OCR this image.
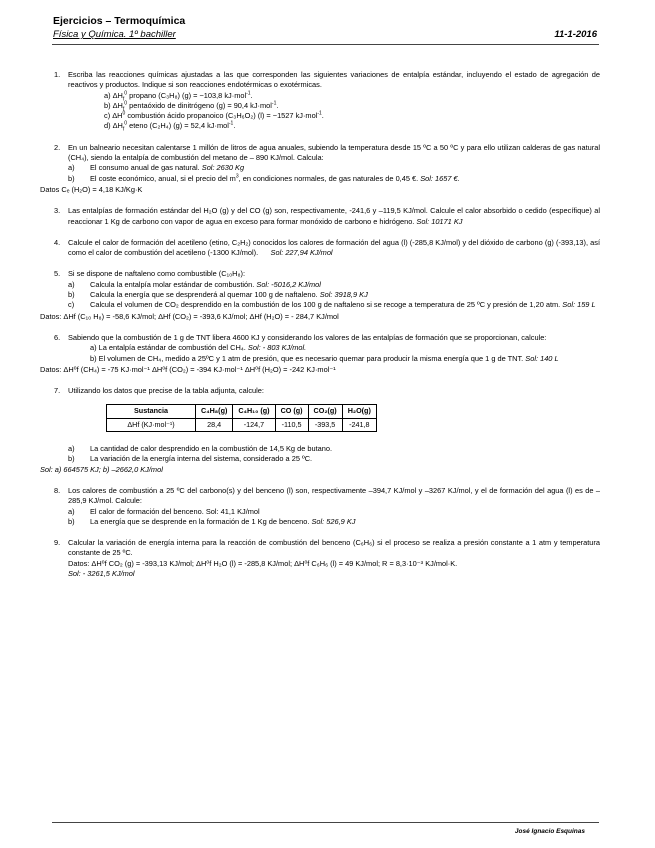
Ejercicios – Termoquímica
Física y Química. 1º bachiller	11-1-2016
1.	Escriba las reacciones químicas ajustadas a las que corresponden las siguientes variaciones de entalpía estándar, incluyendo el estado de agregación de reactivos y productos. Indique si son reacciones endotérmicas o exotérmicas.
a) $\Delta H_f^0$ propano (C₃H₈) (g) = −103,8 kJ·mol$^{-1}$.
b) $\Delta H_f^0$ pentaóxido de dinitrógeno (g) = 90,4 kJ·mol$^{-1}$.
c) $\Delta H^0$ combustión ácido propanoico (C₃H₆O₂) (l) = −1527 kJ·mol$^{-1}$.
d) $\Delta H_f^0$ eteno (C₂H₄) (g) = 52,4 kJ·mol$^{-1}$.
2.	En un balneario necesitan calentarse 1 millón de litros de agua anuales, subiendo la temperatura desde 15 ºC a 50 ºC y para ello utilizan calderas de gas natural (CH₄), siendo la entalpía de combustión del metano de – 890 KJ/mol. Calcula:
a)	El consumo anual de gas natural. Sol: 2630 Kg
b)	El coste económico, anual, si el precio del $m^3$, en condiciones normales, de gas naturales de 0,45 €. Sol: 1657 €.
Datos Cₑ (H₂O) = 4,18 KJ/Kg·K
3.	Las entalpías de formación estándar del H₂O (g) y del CO (g) son, respectivamente, -241,6 y –119,5 KJ/mol. Calcule el calor absorbido o cedido (específique) al reaccionar 1 Kg de carbono con vapor de agua en exceso para formar monóxido de carbono e hidrógeno. Sol: 10171 KJ
4.	Calcule el calor de formación del acetileno (etino, C₂H₂) conocidos los calores de formación del agua (l) (-285,8 KJ/mol) y del dióxido de carbono (g) (-393,13), así como el calor de combustión del acetileno (-1300 KJ/mol). Sol: 227,94 KJ/mol
5.	Si se dispone de naftaleno como combustible (C₁₀H₈):
a)	Calcula la entalpía molar estándar de combustión. Sol: -5016,2 KJ/mol
b)	Calcula la energía que se desprenderá al quemar 100 g de naftaleno. Sol: 3918,9 KJ
c)	Calcula el volumen de CO₂ desprendido en la combustión de los 100 g de naftaleno si se recoge a temperatura de 25 ºC y presión de 1,20 atm. Sol: 159 L
Datos: ΔHf (C₁₀ H₈) = -58,6 KJ/mol; ΔHf (CO₂) = -393,6 KJ/mol; ΔHf (H₂O) = - 284,7 KJ/mol
6.	Sabiendo que la combustión de 1 g de TNT libera 4600 KJ y considerando los valores de las entalpías de formación que se proporcionan, calcule:
a) La entalpía estándar de combustión del CH₄. Sol: - 803 KJ/mol.
b) El volumen de CH₄, medido a 25ºC y 1 atm de presión, que es necesario quemar para producir la misma energía que 1 g de TNT. Sol: 140 L
Datos: ΔH⁰f (CH₄) = -75 KJ·mol⁻¹ ΔH⁰f (CO₂) = -394 KJ·mol⁻¹ ΔH⁰f (H₂O) = -242 KJ·mol⁻¹
7.	Utilizando los datos que precise de la tabla adjunta, calcule:
Sustancia	C₄H₈(g)	C₄H₁₀ (g)	CO (g)	CO₂(g)	H₂O(g)
ΔHf (KJ·mol⁻¹)	28,4	-124,7	-110,5	-393,5	-241,8
a)	La cantidad de calor desprendido en la combustión de 14,5 Kg de butano.
b)	La variación de la energía interna del sistema, considerado a 25 ºC.
Sol: a) 664575 KJ; b) –2662,0 KJ/mol
8.	Los calores de combustión a 25 ºC del carbono(s) y del benceno (l) son, respectivamente –394,7 KJ/mol y –3267 KJ/mol, y el de formación del agua (l) es de –285,9 KJ/mol. Calcule:
a)	El calor de formación del benceno. Sol: 41,1 KJ/mol
b)	La energía que se desprende en la formación de 1 Kg de benceno. Sol: 526,9 KJ
9.	Calcular la variación de energía interna para la reacción de combustión del benceno (C₆H₆) si el proceso se realiza a presión constante a 1 atm y temperatura constante de 25 ºC.
Datos: ΔH⁰f CO₂ (g) = -393,13 KJ/mol; ΔH⁰f H₂O (l) = -285,8 KJ/mol; ΔH⁰f C₆H₆ (l) = 49 KJ/mol; R = 8,3·10⁻³ KJ/mol·K.
Sol: - 3261,5 KJ/mol
José Ignacio Esquinas
